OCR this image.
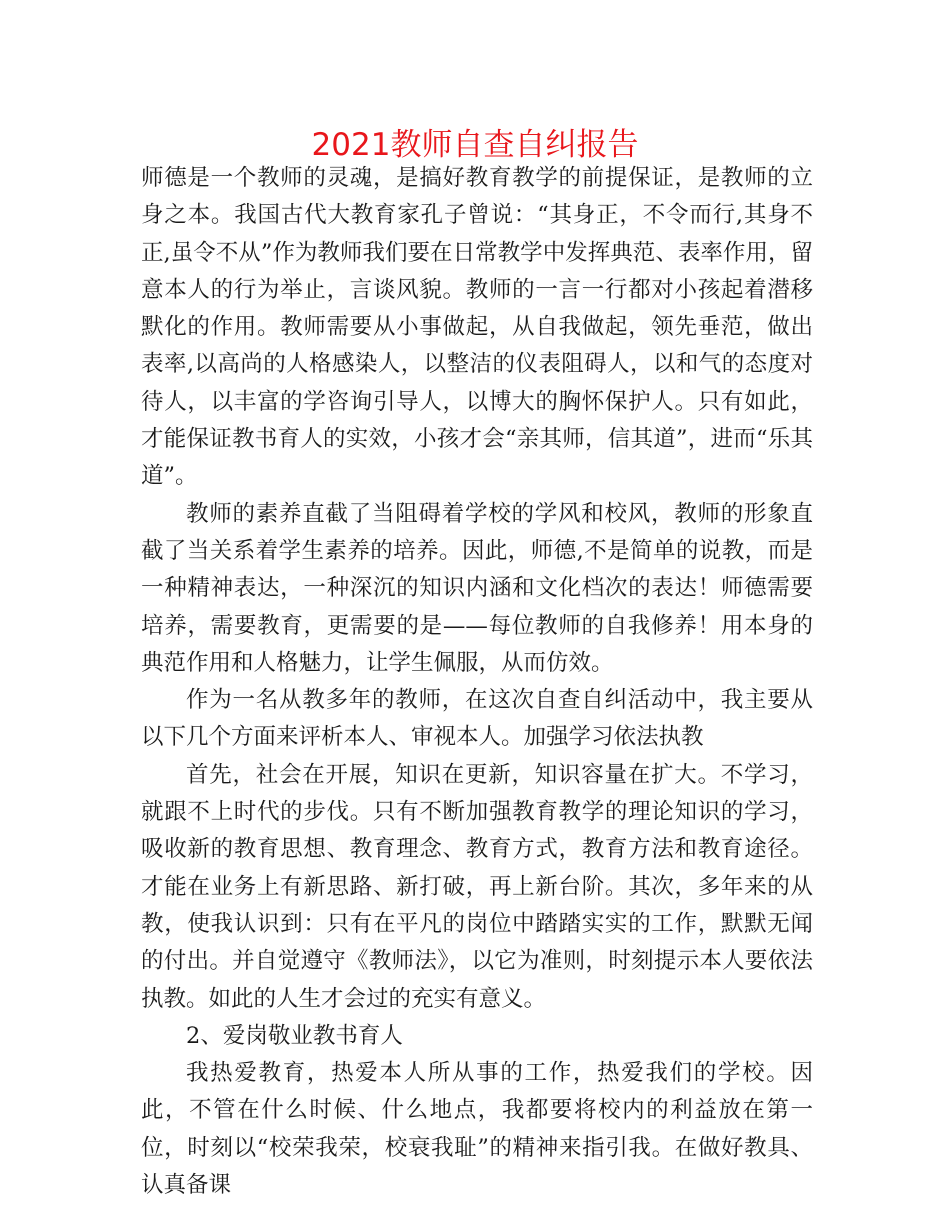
2021教师自查自纠报告

师德是一个教师的灵魂，是搞好教育教学的前提保证，是教师的立身之本。我国古代大教育家孔子曾说：“其身正，不令而行,其身不正,虽令不从”作为教师我们要在日常教学中发挥典范、表率作用，留意本人的行为举止，言谈风貌。教师的一言一行都对小孩起着潜移默化的作用。教师需要从小事做起，从自我做起，领先垂范，做出表率,以高尚的人格感染人，以整洁的仪表阻碍人，以和气的态度对待人，以丰富的学咨询引导人，以博大的胸怀保护人。只有如此，才能保证教书育人的实效，小孩才会“亲其师，信其道”，进而“乐其道”。

教师的素养直截了当阻碍着学校的学风和校风，教师的形象直截了当关系着学生素养的培养。因此，师德,不是简单的说教，而是一种精神表达，一种深沉的知识内涵和文化档次的表达！师德需要培养，需要教育，更需要的是——每位教师的自我修养！用本身的典范作用和人格魅力，让学生佩服，从而仿效。

作为一名从教多年的教师，在这次自查自纠活动中，我主要从以下几个方面来评析本人、审视本人。加强学习依法执教

首先，社会在开展，知识在更新，知识容量在扩大。不学习，就跟不上时代的步伐。只有不断加强教育教学的理论知识的学习，吸收新的教育思想、教育理念、教育方式，教育方法和教育途径。才能在业务上有新思路、新打破，再上新台阶。其次，多年来的从教，使我认识到：只有在平凡的岗位中踏踏实实的工作，默默无闻的付出。并自觉遵守《教师法》，以它为准则，时刻提示本人要依法执教。如此的人生才会过的充实有意义。

2、爱岗敬业教书育人

我热爱教育，热爱本人所从事的工作，热爱我们的学校。因此，不管在什么时候、什么地点，我都要将校内的利益放在第一位，时刻以“校荣我荣，校衰我耻”的精神来指引我。在做好教具、认真备课
